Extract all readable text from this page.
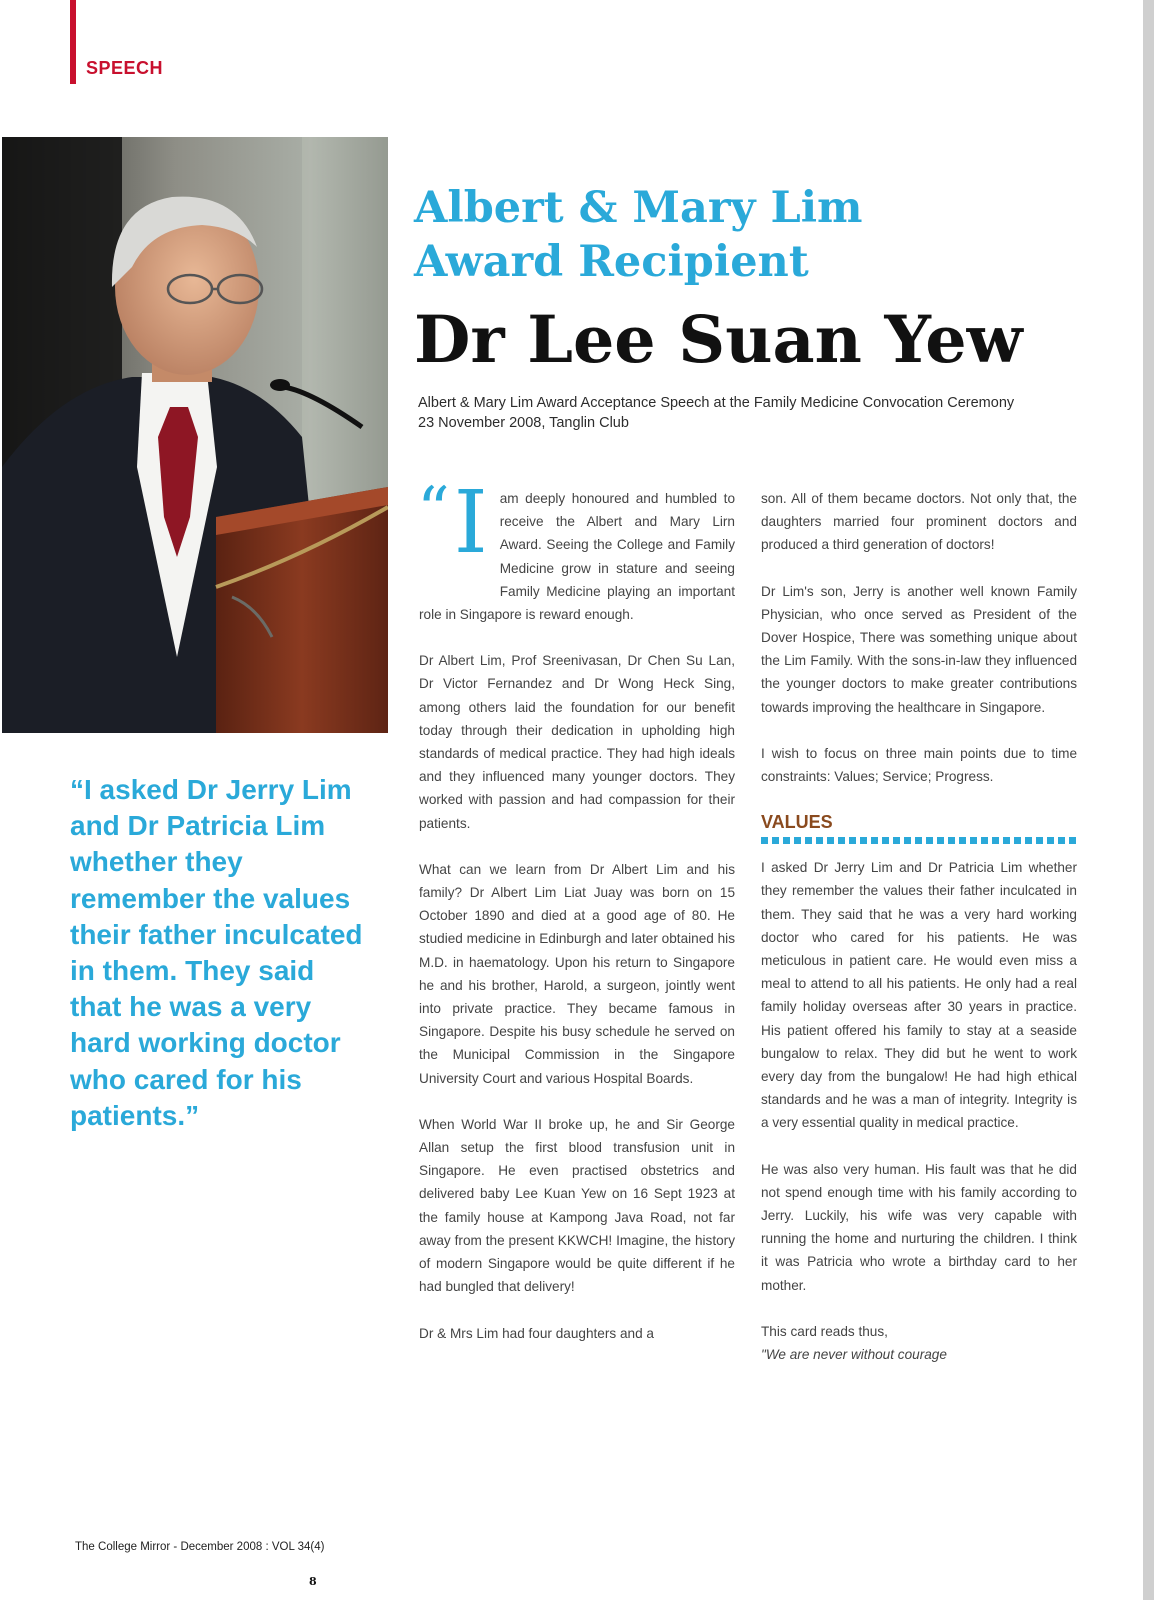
SPEECH
Albert & Mary Lim
Award Recipient
Dr Lee Suan Yew
Albert & Mary Lim Award Acceptance Speech at the Family Medicine Convocation Ceremony
23 November 2008, Tanglin Club
“I asked Dr Jerry Lim and Dr Patricia Lim whether they remember the values their father inculcated in them. They said that he was a very hard working doctor who cared for his patients.”

“ I am deeply honoured and humbled to receive the Albert and Mary Lirn Award. Seeing the College and Family Medicine grow in stature and seeing Family Medicine playing an important role in Singapore is reward enough.

Dr Albert Lim, Prof Sreenivasan, Dr Chen Su Lan, Dr Victor Fernandez and Dr Wong Heck Sing, among others laid the foundation for our benefit today through their dedication in upholding high standards of medical practice. They had high ideals and they influenced many younger doctors. They worked with passion and had compassion for their patients.

What can we learn from Dr Albert Lim and his family? Dr Albert Lim Liat Juay was born on 15 October 1890 and died at a good age of 80. He studied medicine in Edinburgh and later obtained his M.D. in haematology. Upon his return to Singapore he and his brother, Harold, a surgeon, jointly went into private practice. They became famous in Singapore. Despite his busy schedule he served on the Municipal Commission in the Singapore University Court and various Hospital Boards.

When World War II broke up, he and Sir George Allan setup the first blood transfusion unit in Singapore. He even practised obstetrics and delivered baby Lee Kuan Yew on 16 Sept 1923 at the family house at Kampong Java Road, not far away from the present KKWCH! Imagine, the history of modern Singapore would be quite different if he had bungled that delivery!

Dr & Mrs Lim had four daughters and a

son. All of them became doctors. Not only that, the daughters married four prominent doctors and produced a third generation of doctors!

Dr Lim's son, Jerry is another well known Family Physician, who once served as President of the Dover Hospice, There was something unique about the Lim Family. With the sons-in-law they influenced the younger doctors to make greater contributions towards improving the healthcare in Singapore.

I wish to focus on three main points due to time constraints: Values; Service; Progress.

VALUES

I asked Dr Jerry Lim and Dr Patricia Lim whether they remember the values their father inculcated in them. They said that he was a very hard working doctor who cared for his patients. He was meticulous in patient care. He would even miss a meal to attend to all his patients. He only had a real family holiday overseas after 30 years in practice. His patient offered his family to stay at a seaside bungalow to relax. They did but he went to work every day from the bungalow! He had high ethical standards and he was a man of integrity. Integrity is a very essential quality in medical practice.

He was also very human. His fault was that he did not spend enough time with his family according to Jerry. Luckily, his wife was very capable with running the home and nurturing the children. I think it was Patricia who wrote a birthday card to her mother.

This card reads thus,

"We are never without courage

The College Mirror - December 2008 : VOL 34(4)
8
